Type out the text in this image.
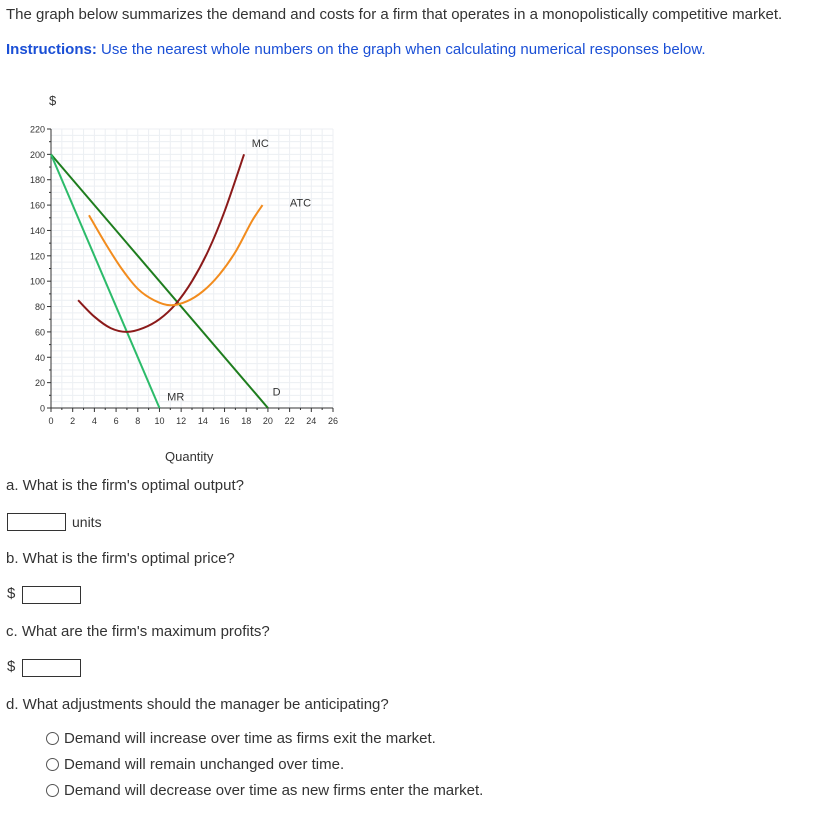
The graph below summarizes the demand and costs for a firm that operates in a monopolistically competitive market.
Instructions: Use the nearest whole numbers on the graph when calculating numerical responses below.
0
20
40
60
80
100
120
140
160
180
200
220
0 2 4 6 8 10 12 14 16 18 20 22 24 26
MC
ATC
D
MR
$
Quantity
a. What is the firm's optimal output?
units
b. What is the firm's optimal price?
$
c. What are the firm's maximum profits?
$
d. What adjustments should the manager be anticipating?
Demand will increase over time as firms exit the market.
Demand will remain unchanged over time.
Demand will decrease over time as new firms enter the market.
